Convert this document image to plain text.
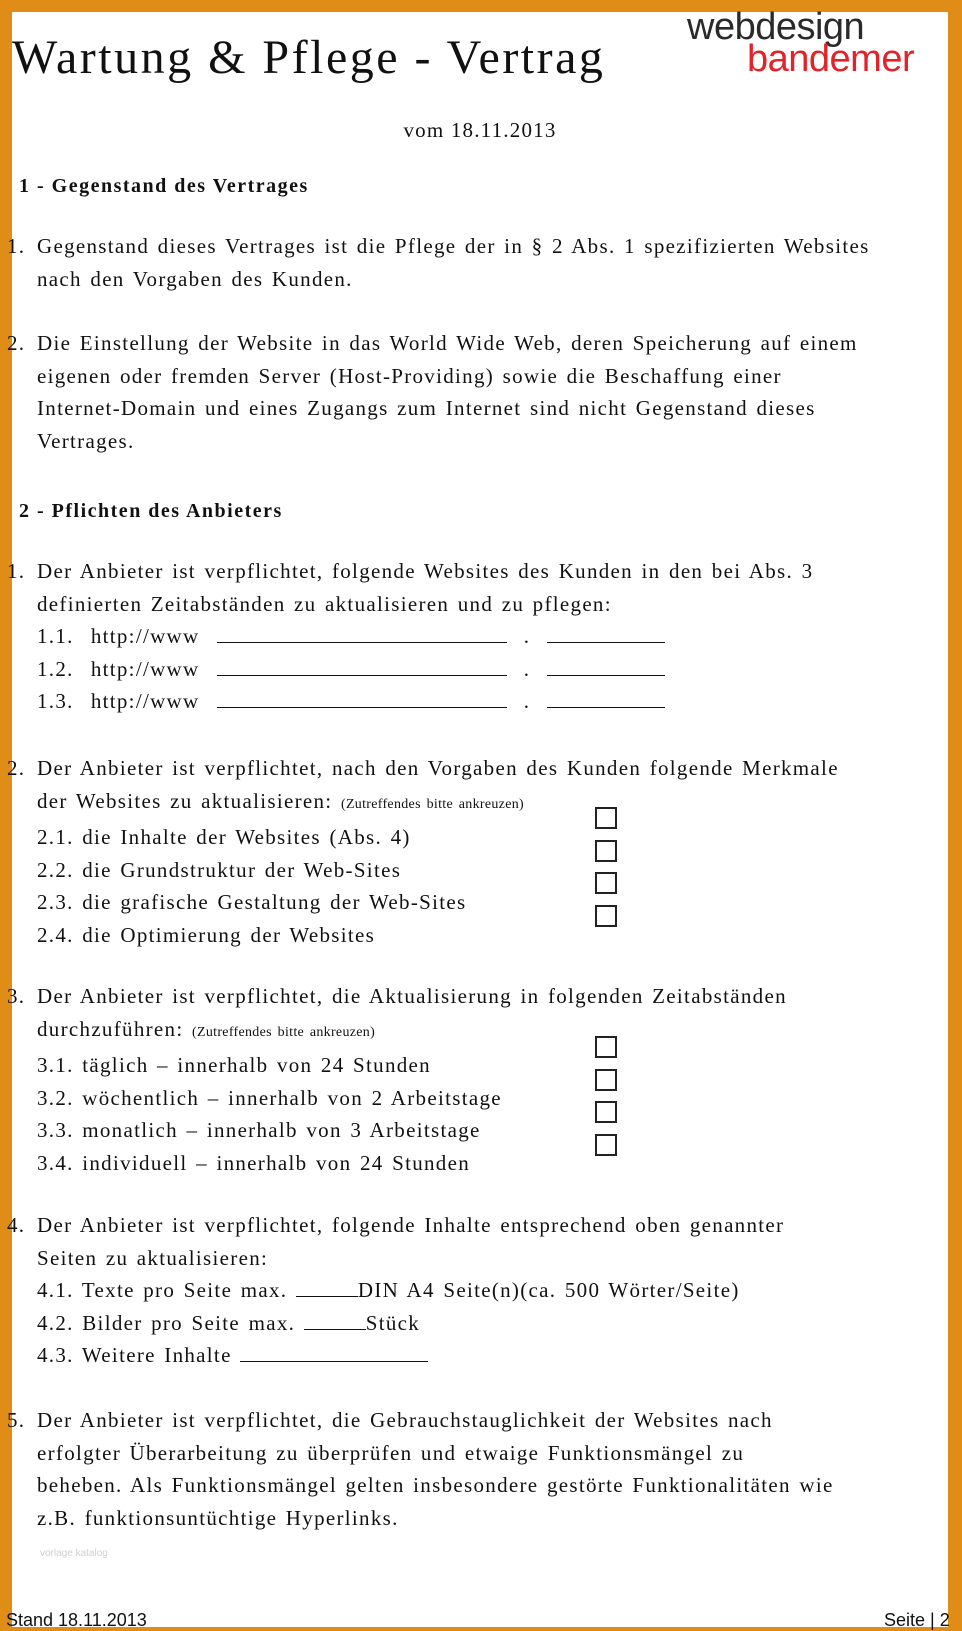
Wartung & Pflege - Vertrag
webdesign
bandemer
vom 18.11.2013
1 - Gegenstand des Vertrages
1. Gegenstand dieses Vertrages ist die Pflege der in § 2 Abs. 1 spezifizierten Websites
nach den Vorgaben des Kunden.
2. Die Einstellung der Website in das World Wide Web, deren Speicherung auf einem
eigenen oder fremden Server (Host-Providing) sowie die Beschaffung einer
Internet-Domain und eines Zugangs zum Internet sind nicht Gegenstand dieses
Vertrages.
2 - Pflichten des Anbieters
1. Der Anbieter ist verpflichtet, folgende Websites des Kunden in den bei Abs. 3
definierten Zeitabständen zu aktualisieren und zu pflegen:
1.1. http://www	.
1.2. http://www	.
1.3. http://www	.
2. Der Anbieter ist verpflichtet, nach den Vorgaben des Kunden folgende Merkmale
der Websites zu aktualisieren: (Zutreffendes bitte ankreuzen)
2.1. die Inhalte der Websites (Abs. 4)
2.2. die Grundstruktur der Web-Sites
2.3. die grafische Gestaltung der Web-Sites
2.4. die Optimierung der Websites
3. Der Anbieter ist verpflichtet, die Aktualisierung in folgenden Zeitabständen
durchzuführen: (Zutreffendes bitte ankreuzen)
3.1. täglich – innerhalb von 24 Stunden
3.2. wöchentlich – innerhalb von 2 Arbeitstage
3.3. monatlich – innerhalb von 3 Arbeitstage
3.4. individuell – innerhalb von 24 Stunden
4. Der Anbieter ist verpflichtet, folgende Inhalte entsprechend oben genannter
Seiten zu aktualisieren:
4.1. Texte pro Seite max.	DIN A4 Seite(n)(ca. 500 Wörter/Seite)
4.2. Bilder pro Seite max.	Stück
4.3. Weitere Inhalte
5. Der Anbieter ist verpflichtet, die Gebrauchstauglichkeit der Websites nach
erfolgter Überarbeitung zu überprüfen und etwaige Funktionsmängel zu
beheben. Als Funktionsmängel gelten insbesondere gestörte Funktionalitäten wie
z.B. funktionsuntüchtige Hyperlinks.
vorlage katalog
Stand 18.11.2013	Seite | 2
